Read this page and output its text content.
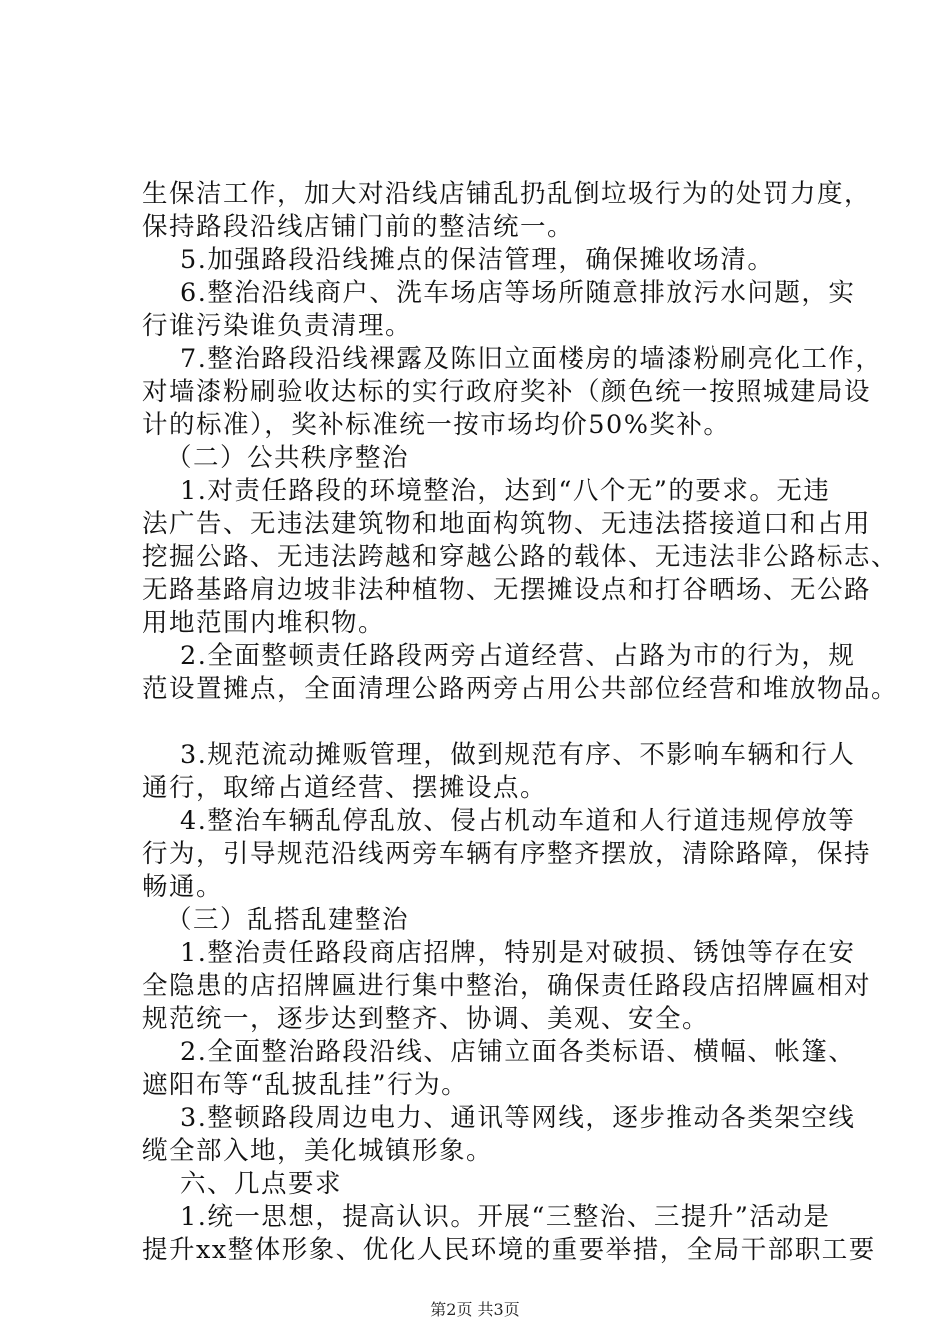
生保洁工作，加大对沿线店铺乱扔乱倒垃圾行为的处罚力度，
保持路段沿线店铺门前的整洁统一。
5.加强路段沿线摊点的保洁管理，确保摊收场清。
6.整治沿线商户、洗车场店等场所随意排放污水问题，实
行谁污染谁负责清理。
7.整治路段沿线裸露及陈旧立面楼房的墙漆粉刷亮化工作，
对墙漆粉刷验收达标的实行政府奖补（颜色统一按照城建局设
计的标准），奖补标准统一按市场均价50%奖补。
（二）公共秩序整治
1.对责任路段的环境整治，达到“八个无”的要求。无违
法广告、无违法建筑物和地面构筑物、无违法搭接道口和占用
挖掘公路、无违法跨越和穿越公路的载体、无违法非公路标志、
无路基路肩边坡非法种植物、无摆摊设点和打谷晒场、无公路
用地范围内堆积物。
2.全面整顿责任路段两旁占道经营、占路为市的行为，规
范设置摊点，全面清理公路两旁占用公共部位经营和堆放物品。
3.规范流动摊贩管理，做到规范有序、不影响车辆和行人
通行，取缔占道经营、摆摊设点。
4.整治车辆乱停乱放、侵占机动车道和人行道违规停放等
行为，引导规范沿线两旁车辆有序整齐摆放，清除路障，保持
畅通。
（三）乱搭乱建整治
1.整治责任路段商店招牌，特别是对破损、锈蚀等存在安
全隐患的店招牌匾进行集中整治，确保责任路段店招牌匾相对
规范统一，逐步达到整齐、协调、美观、安全。
2.全面整治路段沿线、店铺立面各类标语、横幅、帐篷、
遮阳布等“乱披乱挂”行为。
3.整顿路段周边电力、通讯等网线，逐步推动各类架空线
缆全部入地，美化城镇形象。
六、几点要求
1.统一思想，提高认识。开展“三整治、三提升”活动是
提升xx整体形象、优化人民环境的重要举措，全局干部职工要
第2页 共3页
